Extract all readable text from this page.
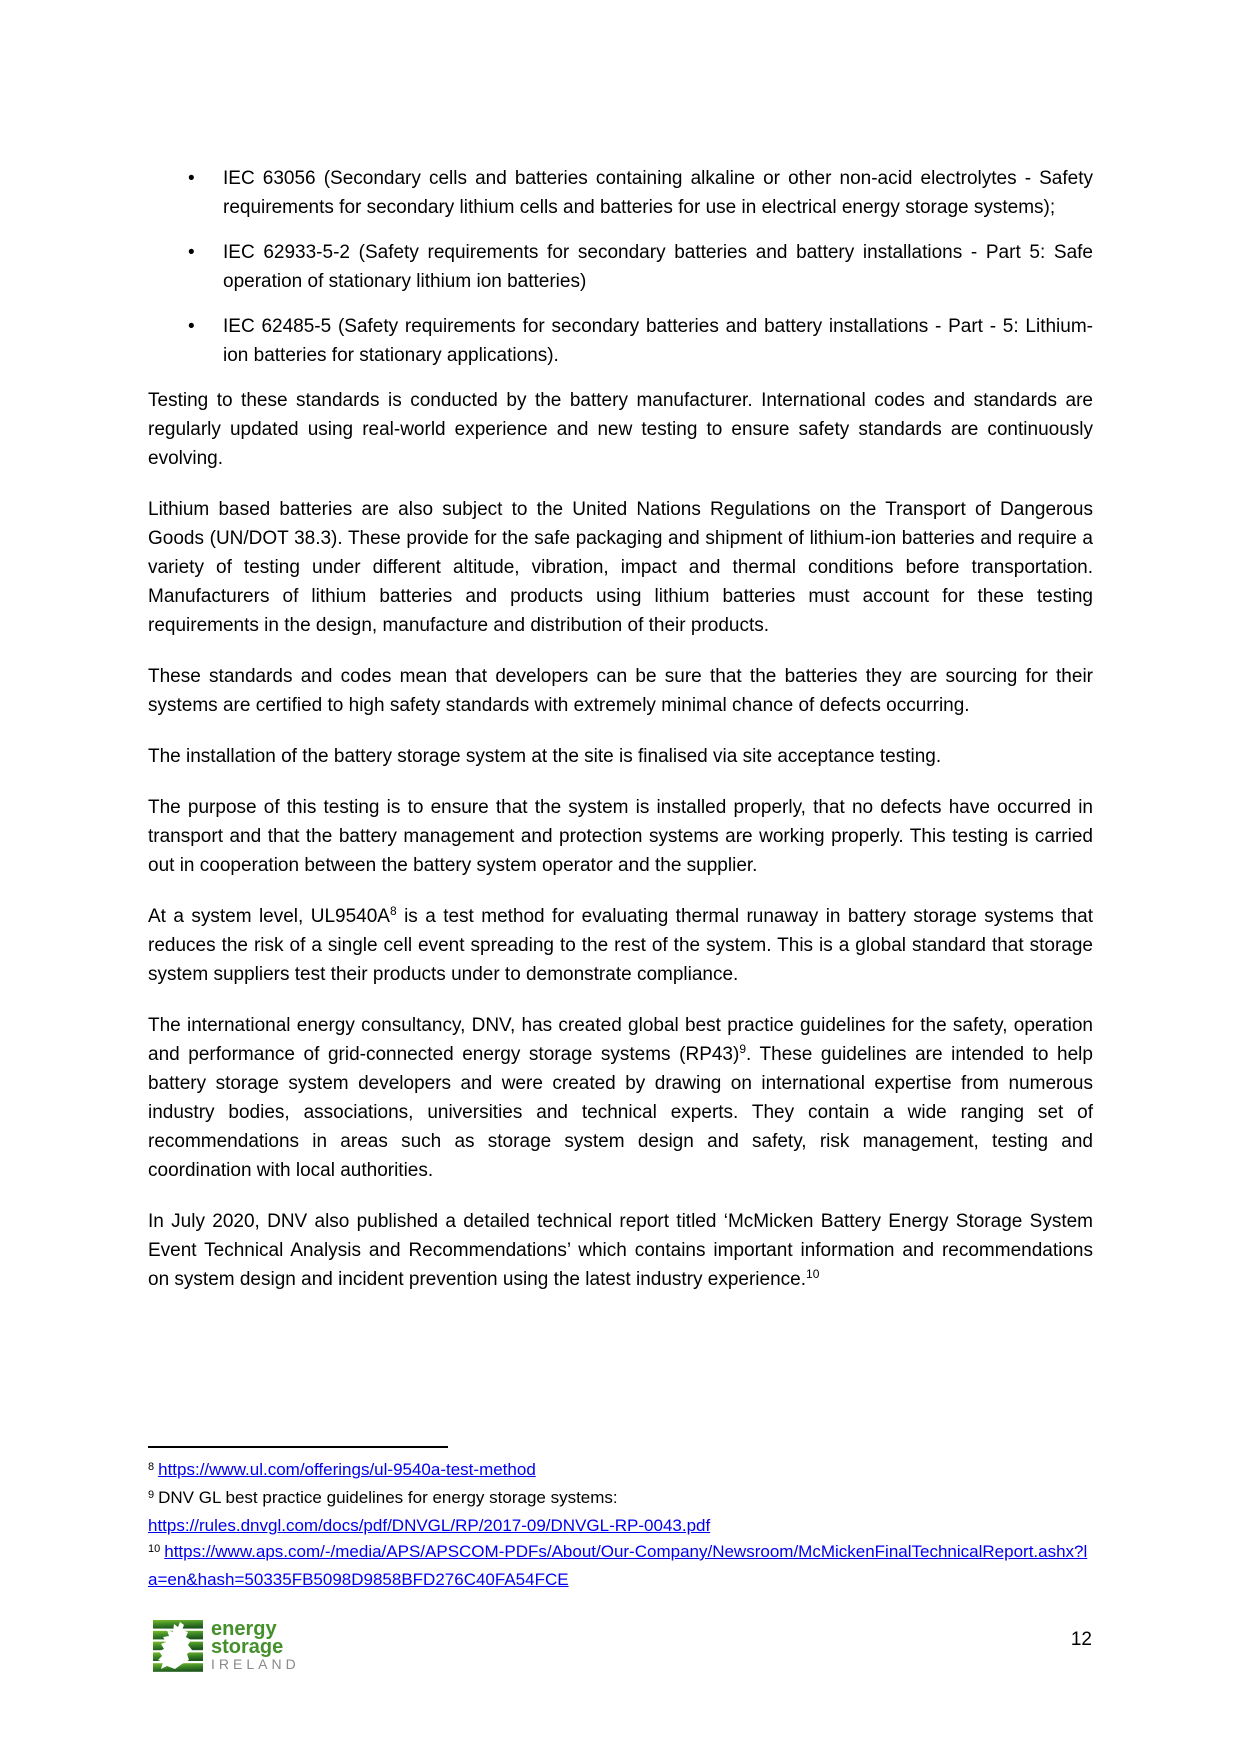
• IEC 63056 (Secondary cells and batteries containing alkaline or other non-acid electrolytes - Safety requirements for secondary lithium cells and batteries for use in electrical energy storage systems);
• IEC 62933-5-2 (Safety requirements for secondary batteries and battery installations - Part 5: Safe operation of stationary lithium ion batteries)
• IEC 62485-5 (Safety requirements for secondary batteries and battery installations - Part - 5: Lithium-ion batteries for stationary applications).

Testing to these standards is conducted by the battery manufacturer. International codes and standards are regularly updated using real-world experience and new testing to ensure safety standards are continuously evolving.

Lithium based batteries are also subject to the United Nations Regulations on the Transport of Dangerous Goods (UN/DOT 38.3). These provide for the safe packaging and shipment of lithium-ion batteries and require a variety of testing under different altitude, vibration, impact and thermal conditions before transportation. Manufacturers of lithium batteries and products using lithium batteries must account for these testing requirements in the design, manufacture and distribution of their products.

These standards and codes mean that developers can be sure that the batteries they are sourcing for their systems are certified to high safety standards with extremely minimal chance of defects occurring.

The installation of the battery storage system at the site is finalised via site acceptance testing.

The purpose of this testing is to ensure that the system is installed properly, that no defects have occurred in transport and that the battery management and protection systems are working properly. This testing is carried out in cooperation between the battery system operator and the supplier.

At a system level, $UL9540A^8$ is a test method for evaluating thermal runaway in battery storage systems that reduces the risk of a single cell event spreading to the rest of the system. This is a global standard that storage system suppliers test their products under to demonstrate compliance.

The international energy consultancy, DNV, has created global best practice guidelines for the safety, operation and performance of grid-connected energy storage systems $(RP43)^9$. These guidelines are intended to help battery storage system developers and were created by drawing on international expertise from numerous industry bodies, associations, universities and technical experts. They contain a wide ranging set of recommendations in areas such as storage system design and safety, risk management, testing and coordination with local authorities.

In July 2020, DNV also published a detailed technical report titled ‘McMicken Battery Energy Storage System Event Technical Analysis and Recommendations’ which contains important information and recommendations on system design and incident prevention using the latest industry experience.$^{10}$

$^8$ https://www.ul.com/offerings/ul-9540a-test-method
$^9$ DNV GL best practice guidelines for energy storage systems:
https://rules.dnvgl.com/docs/pdf/DNVGL/RP/2017-09/DNVGL-RP-0043.pdf
$^{10}$ https://www.aps.com/-/media/APS/APSCOM-PDFs/About/Our-Company/Newsroom/McMickenFinalTechnicalReport.ashx?la=en&hash=50335FB5098D9858BFD276C40FA54FCE
energy
storage
IRELAND
12
